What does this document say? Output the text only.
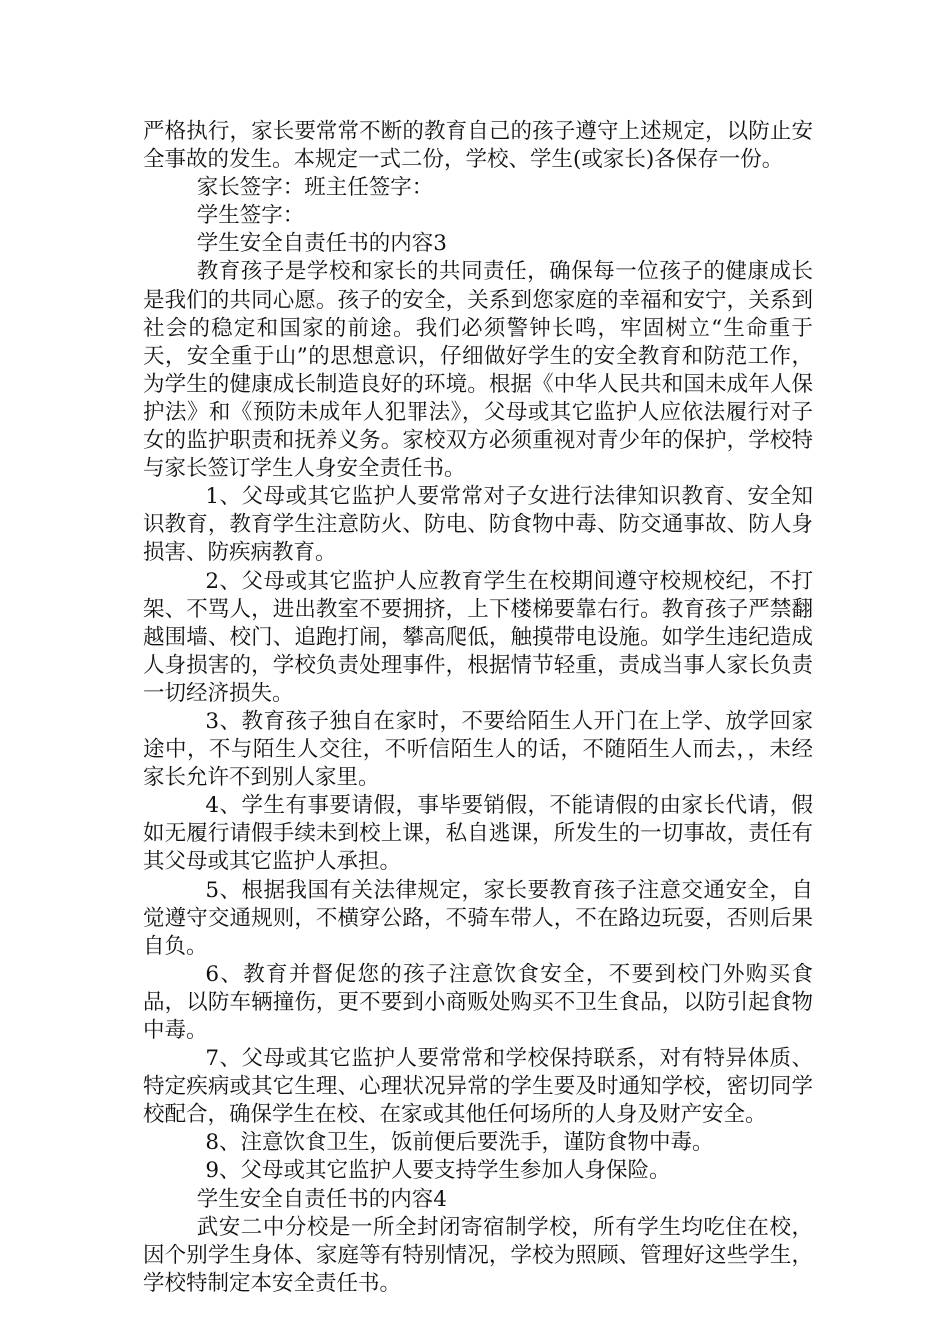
严格执行，家长要常常不断的教育自己的孩子遵守上述规定，以防止安全事故的发生。本规定一式二份，学校、学生(或家长)各保存一份。

家长签字：班主任签字：

学生签字：

学生安全自责任书的内容3

教育孩子是学校和家长的共同责任，确保每一位孩子的健康成长是我们的共同心愿。孩子的安全，关系到您家庭的幸福和安宁，关系到社会的稳定和国家的前途。我们必须警钟长鸣，牢固树立“生命重于天，安全重于山”的思想意识，仔细做好学生的安全教育和防范工作，为学生的健康成长制造良好的环境。根据《中华人民共和国未成年人保护法》和《预防未成年人犯罪法》，父母或其它监护人应依法履行对子女的监护职责和抚养义务。家校双方必须重视对青少年的保护，学校特与家长签订学生人身安全责任书。

1、父母或其它监护人要常常对子女进行法律知识教育、安全知识教育，教育学生注意防火、防电、防食物中毒、防交通事故、防人身损害、防疾病教育。

2、父母或其它监护人应教育学生在校期间遵守校规校纪，不打架、不骂人，进出教室不要拥挤，上下楼梯要靠右行。教育孩子严禁翻越围墙、校门、追跑打闹，攀高爬低，触摸带电设施。如学生违纪造成人身损害的，学校负责处理事件，根据情节轻重，责成当事人家长负责一切经济损失。

3、教育孩子独自在家时，不要给陌生人开门在上学、放学回家途中，不与陌生人交往，不听信陌生人的话，不随陌生人而去，，未经家长允许不到别人家里。

4、学生有事要请假，事毕要销假，不能请假的由家长代请，假如无履行请假手续未到校上课，私自逃课，所发生的一切事故，责任有其父母或其它监护人承担。

5、根据我国有关法律规定，家长要教育孩子注意交通安全，自觉遵守交通规则，不横穿公路，不骑车带人，不在路边玩耍，否则后果自负。

6、教育并督促您的孩子注意饮食安全，不要到校门外购买食品，以防车辆撞伤，更不要到小商贩处购买不卫生食品，以防引起食物中毒。

7、父母或其它监护人要常常和学校保持联系，对有特异体质、特定疾病或其它生理、心理状况异常的学生要及时通知学校，密切同学校配合，确保学生在校、在家或其他任何场所的人身及财产安全。

8、注意饮食卫生，饭前便后要洗手，谨防食物中毒。

9、父母或其它监护人要支持学生参加人身保险。

学生安全自责任书的内容4

武安二中分校是一所全封闭寄宿制学校，所有学生均吃住在校，因个别学生身体、家庭等有特别情况，学校为照顾、管理好这些学生，学校特制定本安全责任书。
